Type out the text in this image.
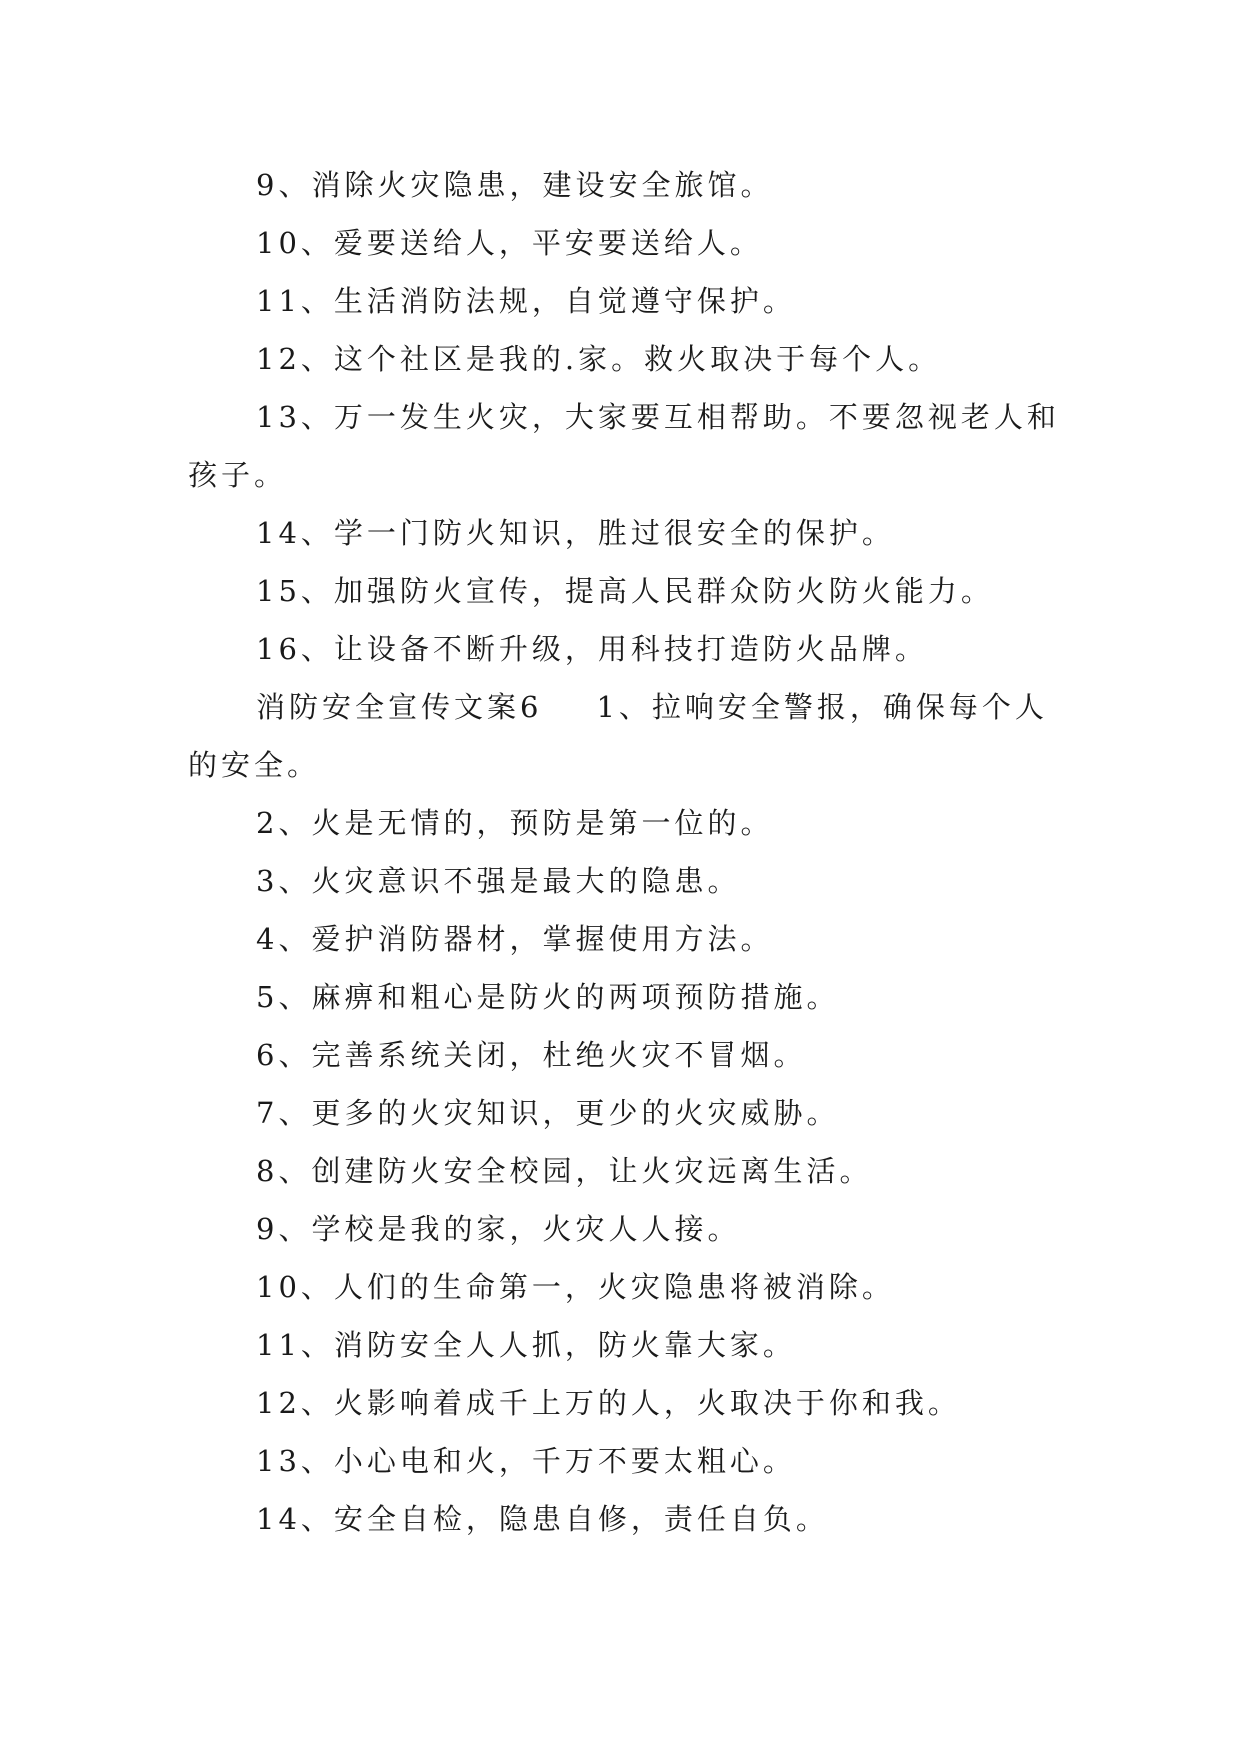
9、消除火灾隐患，建设安全旅馆。

10、爱要送给人，平安要送给人。

11、生活消防法规，自觉遵守保护。

12、这个社区是我的.家。救火取决于每个人。

13、万一发生火灾，大家要互相帮助。不要忽视老人和孩子。

14、学一门防火知识，胜过很安全的保护。

15、加强防火宣传，提高人民群众防火防火能力。

16、让设备不断升级，用科技打造防火品牌。

消防安全宣传文案6 1、拉响安全警报，确保每个人的安全。

2、火是无情的，预防是第一位的。

3、火灾意识不强是最大的隐患。

4、爱护消防器材，掌握使用方法。

5、麻痹和粗心是防火的两项预防措施。

6、完善系统关闭，杜绝火灾不冒烟。

7、更多的火灾知识，更少的火灾威胁。

8、创建防火安全校园，让火灾远离生活。

9、学校是我的家，火灾人人接。

10、人们的生命第一，火灾隐患将被消除。

11、消防安全人人抓，防火靠大家。

12、火影响着成千上万的人，火取决于你和我。

13、小心电和火，千万不要太粗心。

14、安全自检，隐患自修，责任自负。
